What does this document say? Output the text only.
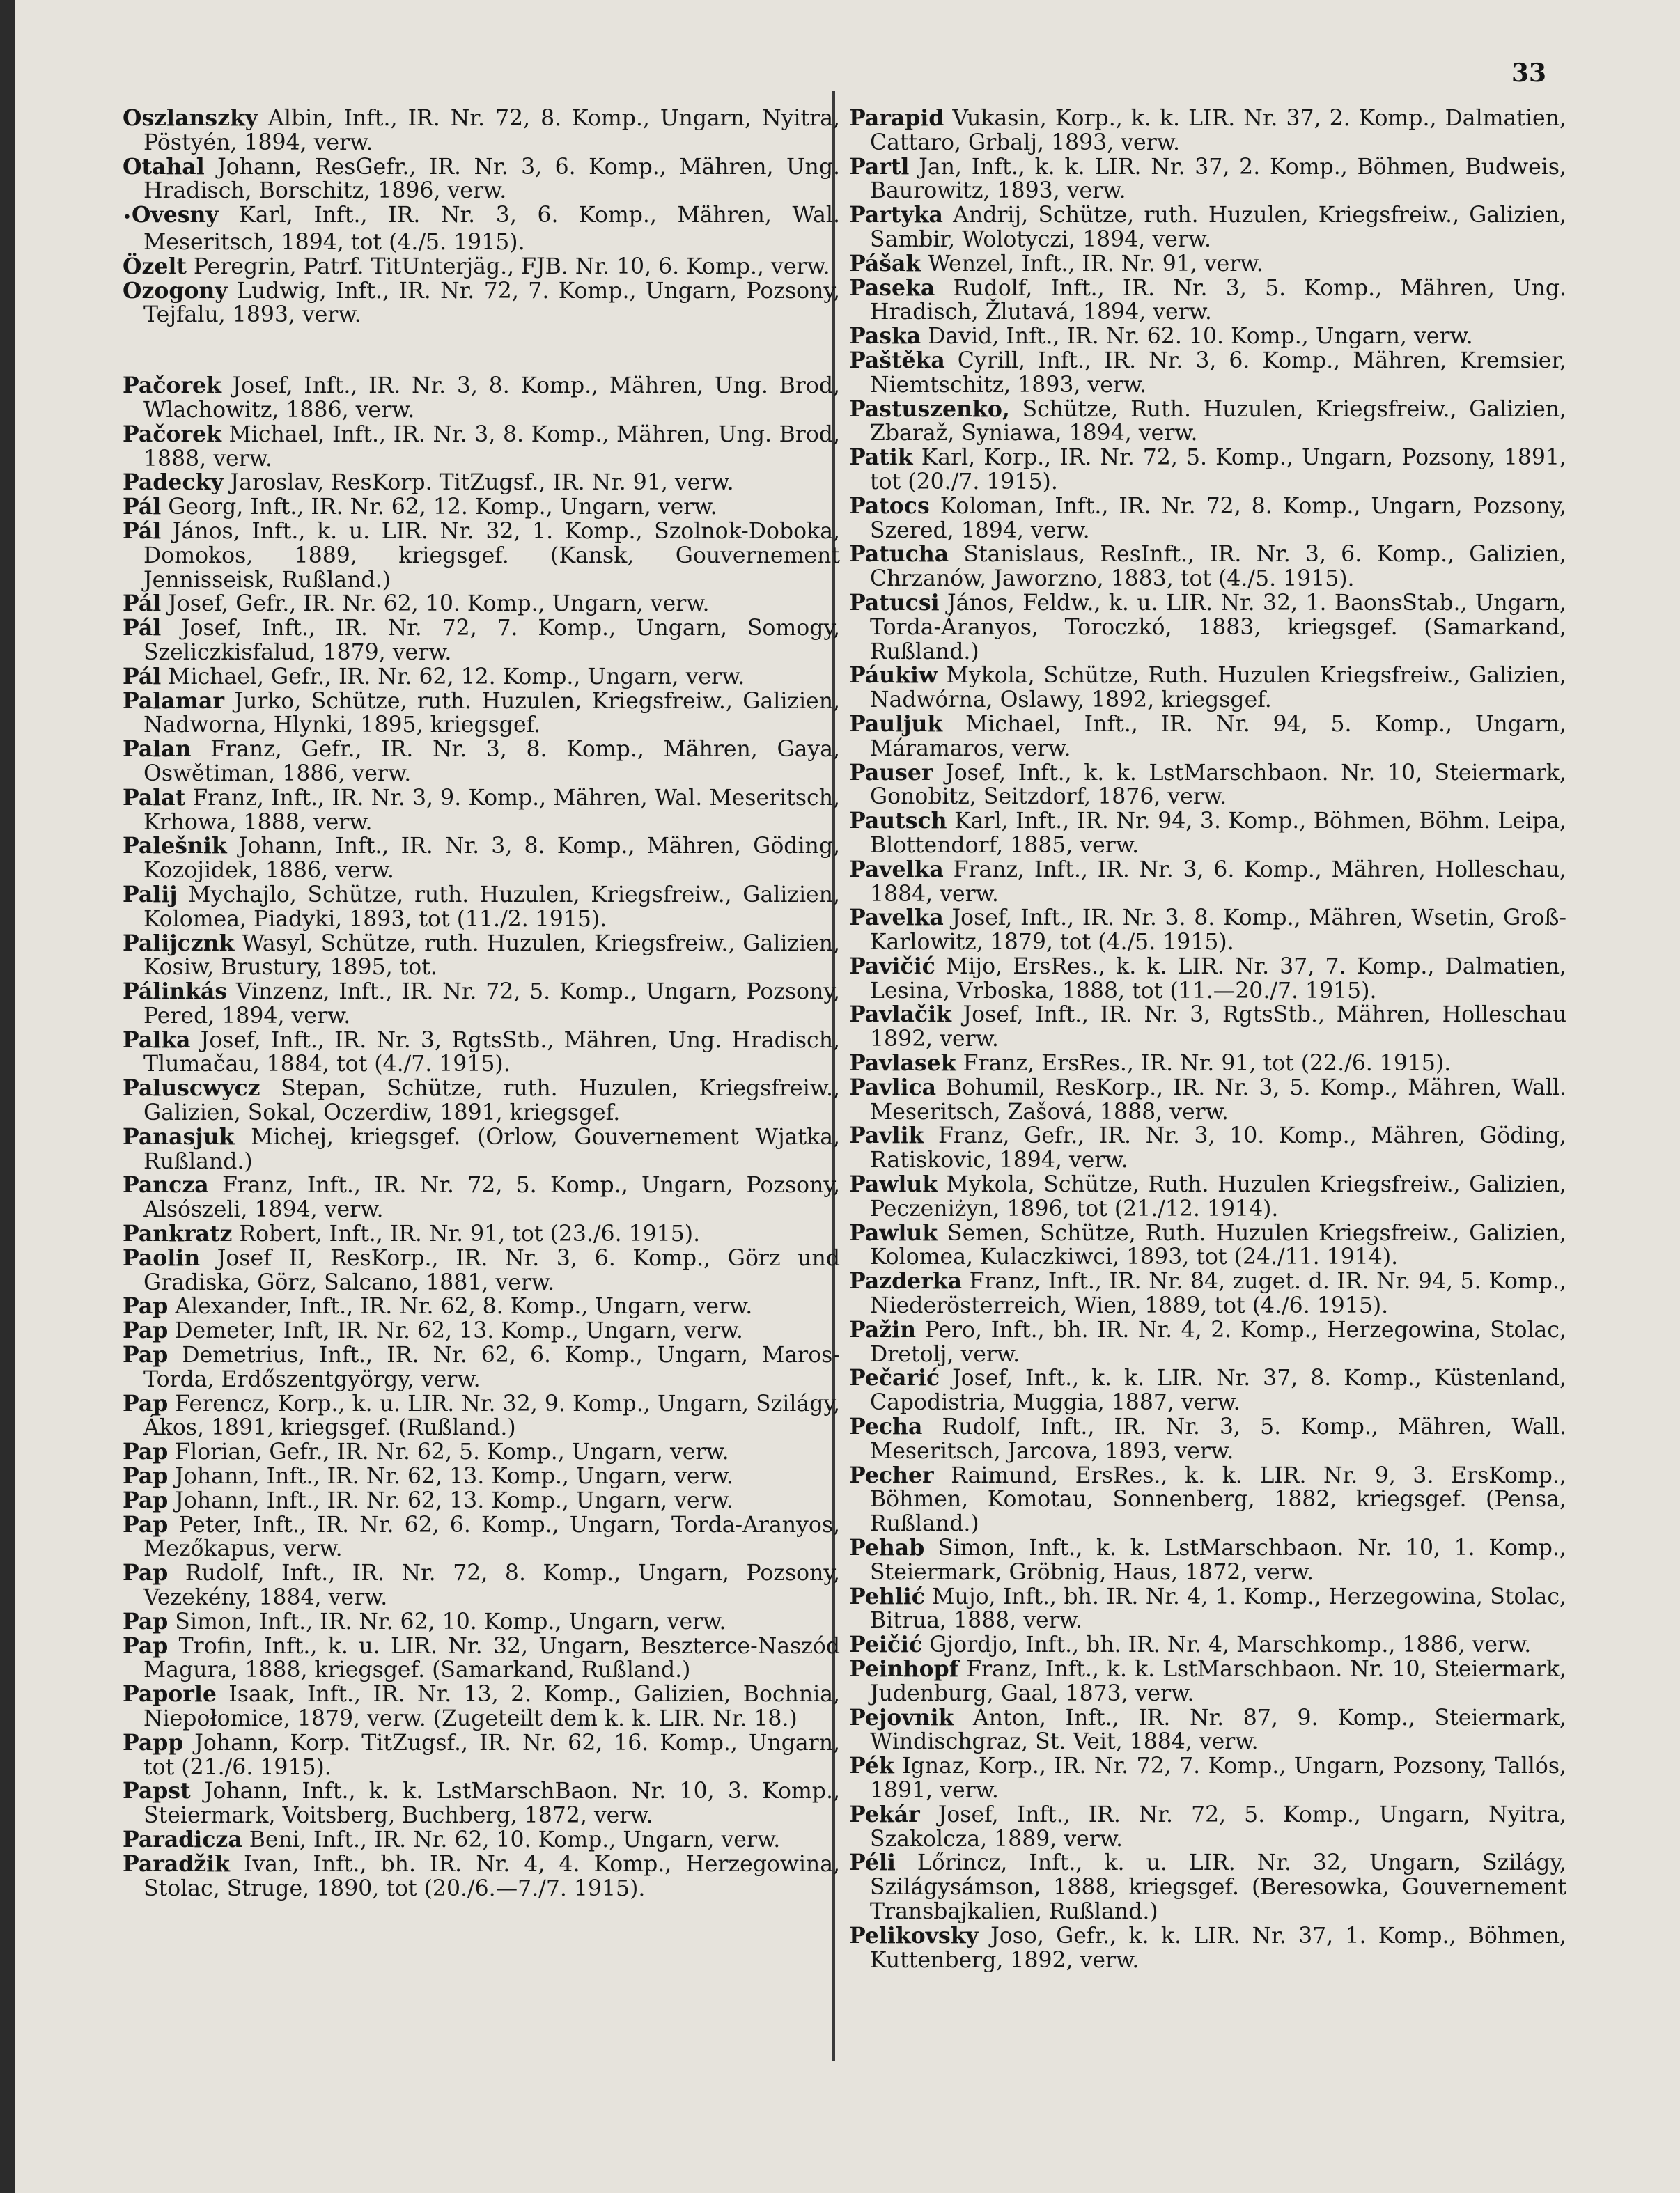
33

Oszlanszky Albin, Inft., IR. Nr. 72, 8. Komp., Ungarn, Nyitra, Pöstyén, 1894, verw.

Otahal Johann, ResGefr., IR. Nr. 3, 6. Komp., Mähren, Ung. Hradisch, Borschitz, 1896, verw.

•Ovesny Karl, Inft., IR. Nr. 3, 6. Komp., Mähren, Wal. Meseritsch, 1894, tot (4./5. 1915).

Özelt Peregrin, Patrf. TitUnterjäg., FJB. Nr. 10, 6. Komp., verw.

Ozogony Ludwig, Inft., IR. Nr. 72, 7. Komp., Ungarn, Pozsony, Tejfalu, 1893, verw.

Pačorek Josef, Inft., IR. Nr. 3, 8. Komp., Mähren, Ung. Brod, Wlachowitz, 1886, verw.

Pačorek Michael, Inft., IR. Nr. 3, 8. Komp., Mähren, Ung. Brod, 1888, verw.

Padecky Jaroslav, ResKorp. TitZugsf., IR. Nr. 91, verw.

Pál Georg, Inft., IR. Nr. 62, 12. Komp., Ungarn, verw.

Pál János, Inft., k. u. LIR. Nr. 32, 1. Komp., Szolnok-Doboka, Domokos, 1889, kriegsgef. (Kansk, Gouvernement Jennisseisk, Rußland.)

Pál Josef, Gefr., IR. Nr. 62, 10. Komp., Ungarn, verw.

Pál Josef, Inft., IR. Nr. 72, 7. Komp., Ungarn, Somogy, Szeliczkisfalud, 1879, verw.

Pál Michael, Gefr., IR. Nr. 62, 12. Komp., Ungarn, verw.

Palamar Jurko, Schütze, ruth. Huzulen, Kriegsfreiw., Galizien, Nadworna, Hlynki, 1895, kriegsgef.

Palan Franz, Gefr., IR. Nr. 3, 8. Komp., Mähren, Gaya, Oswětiman, 1886, verw.

Palat Franz, Inft., IR. Nr. 3, 9. Komp., Mähren, Wal. Meseritsch, Krhowa, 1888, verw.

Palešnik Johann, Inft., IR. Nr. 3, 8. Komp., Mähren, Göding, Kozojidek, 1886, verw.

Palij Mychajlo, Schütze, ruth. Huzulen, Kriegsfreiw., Galizien, Kolomea, Piadyki, 1893, tot (11./2. 1915).

Palijcznk Wasyl, Schütze, ruth. Huzulen, Kriegsfreiw., Galizien, Kosiw, Brustury, 1895, tot.

Pálinkás Vinzenz, Inft., IR. Nr. 72, 5. Komp., Ungarn, Pozsony, Pered, 1894, verw.

Palka Josef, Inft., IR. Nr. 3, RgtsStb., Mähren, Ung. Hradisch, Tlumačau, 1884, tot (4./7. 1915).

Paluscwycz Stepan, Schütze, ruth. Huzulen, Kriegsfreiw., Galizien, Sokal, Oczerdiw, 1891, kriegsgef.

Panasjuk Michej, kriegsgef. (Orlow, Gouvernement Wjatka, Rußland.)

Pancza Franz, Inft., IR. Nr. 72, 5. Komp., Ungarn, Pozsony, Alsószeli, 1894, verw.

Pankratz Robert, Inft., IR. Nr. 91, tot (23./6. 1915).

Paolin Josef II, ResKorp., IR. Nr. 3, 6. Komp., Görz und Gradiska, Görz, Salcano, 1881, verw.

Pap Alexander, Inft., IR. Nr. 62, 8. Komp., Ungarn, verw.

Pap Demeter, Inft, IR. Nr. 62, 13. Komp., Ungarn, verw.

Pap Demetrius, Inft., IR. Nr. 62, 6. Komp., Ungarn, Maros-Torda, Erdőszentgyörgy, verw.

Pap Ferencz, Korp., k. u. LIR. Nr. 32, 9. Komp., Ungarn, Szilágy, Ákos, 1891, kriegsgef. (Rußland.)

Pap Florian, Gefr., IR. Nr. 62, 5. Komp., Ungarn, verw.

Pap Johann, Inft., IR. Nr. 62, 13. Komp., Ungarn, verw.

Pap Johann, Inft., IR. Nr. 62, 13. Komp., Ungarn, verw.

Pap Peter, Inft., IR. Nr. 62, 6. Komp., Ungarn, Torda-Aranyos, Mezőkapus, verw.

Pap Rudolf, Inft., IR. Nr. 72, 8. Komp., Ungarn, Pozsony, Vezekény, 1884, verw.

Pap Simon, Inft., IR. Nr. 62, 10. Komp., Ungarn, verw.

Pap Trofin, Inft., k. u. LIR. Nr. 32, Ungarn, Beszterce-Naszód Magura, 1888, kriegsgef. (Samarkand, Rußland.)

Paporle Isaak, Inft., IR. Nr. 13, 2. Komp., Galizien, Bochnia, Niepołomice, 1879, verw. (Zugeteilt dem k. k. LIR. Nr. 18.)

Papp Johann, Korp. TitZugsf., IR. Nr. 62, 16. Komp., Ungarn, tot (21./6. 1915).

Papst Johann, Inft., k. k. LstMarschBaon. Nr. 10, 3. Komp., Steiermark, Voitsberg, Buchberg, 1872, verw.

Paradicza Beni, Inft., IR. Nr. 62, 10. Komp., Ungarn, verw.

Paradžik Ivan, Inft., bh. IR. Nr. 4, 4. Komp., Herzegowina, Stolac, Struge, 1890, tot (20./6.—7./7. 1915).

Parapid Vukasin, Korp., k. k. LIR. Nr. 37, 2. Komp., Dalmatien, Cattaro, Grbalj, 1893, verw.

Partl Jan, Inft., k. k. LIR. Nr. 37, 2. Komp., Böhmen, Budweis, Baurowitz, 1893, verw.

Partyka Andrij, Schütze, ruth. Huzulen, Kriegsfreiw., Galizien, Sambir, Wolotyczi, 1894, verw.

Pášak Wenzel, Inft., IR. Nr. 91, verw.

Paseka Rudolf, Inft., IR. Nr. 3, 5. Komp., Mähren, Ung. Hradisch, Žlutavá, 1894, verw.

Paska David, Inft., IR. Nr. 62. 10. Komp., Ungarn, verw.

Paštěka Cyrill, Inft., IR. Nr. 3, 6. Komp., Mähren, Kremsier, Niemtschitz, 1893, verw.

Pastuszenko, Schütze, Ruth. Huzulen, Kriegsfreiw., Galizien, Zbaraž, Syniawa, 1894, verw.

Patik Karl, Korp., IR. Nr. 72, 5. Komp., Ungarn, Pozsony, 1891, tot (20./7. 1915).

Patocs Koloman, Inft., IR. Nr. 72, 8. Komp., Ungarn, Pozsony, Szered, 1894, verw.

Patucha Stanislaus, ResInft., IR. Nr. 3, 6. Komp., Galizien, Chrzanów, Jaworzno, 1883, tot (4./5. 1915).

Patucsi János, Feldw., k. u. LIR. Nr. 32, 1. BaonsStab., Ungarn, Torda-Áranyos, Toroczkó, 1883, kriegsgef. (Samarkand, Rußland.)

Páukiw Mykola, Schütze, Ruth. Huzulen Kriegsfreiw., Galizien, Nadwórna, Oslawy, 1892, kriegsgef.

Pauljuk Michael, Inft., IR. Nr. 94, 5. Komp., Ungarn, Máramaros, verw.

Pauser Josef, Inft., k. k. LstMarschbaon. Nr. 10, Steiermark, Gonobitz, Seitzdorf, 1876, verw.

Pautsch Karl, Inft., IR. Nr. 94, 3. Komp., Böhmen, Böhm. Leipa, Blottendorf, 1885, verw.

Pavelka Franz, Inft., IR. Nr. 3, 6. Komp., Mähren, Holleschau, 1884, verw.

Pavelka Josef, Inft., IR. Nr. 3. 8. Komp., Mähren, Wsetin, Groß-Karlowitz, 1879, tot (4./5. 1915).

Pavičić Mijo, ErsRes., k. k. LIR. Nr. 37, 7. Komp., Dalmatien, Lesina, Vrboska, 1888, tot (11.—20./7. 1915).

Pavlačik Josef, Inft., IR. Nr. 3, RgtsStb., Mähren, Holleschau 1892, verw.

Pavlasek Franz, ErsRes., IR. Nr. 91, tot (22./6. 1915).

Pavlica Bohumil, ResKorp., IR. Nr. 3, 5. Komp., Mähren, Wall. Meseritsch, Zašová, 1888, verw.

Pavlik Franz, Gefr., IR. Nr. 3, 10. Komp., Mähren, Göding, Ratiskovic, 1894, verw.

Pawluk Mykola, Schütze, Ruth. Huzulen Kriegsfreiw., Galizien, Peczeniżyn, 1896, tot (21./12. 1914).

Pawluk Semen, Schütze, Ruth. Huzulen Kriegsfreiw., Galizien, Kolomea, Kulaczkiwci, 1893, tot (24./11. 1914).

Pazderka Franz, Inft., IR. Nr. 84, zuget. d. IR. Nr. 94, 5. Komp., Niederösterreich, Wien, 1889, tot (4./6. 1915).

Pažin Pero, Inft., bh. IR. Nr. 4, 2. Komp., Herzegowina, Stolac, Dretolj, verw.

Pečarić Josef, Inft., k. k. LIR. Nr. 37, 8. Komp., Küstenland, Capodistria, Muggia, 1887, verw.

Pecha Rudolf, Inft., IR. Nr. 3, 5. Komp., Mähren, Wall. Meseritsch, Jarcova, 1893, verw.

Pecher Raimund, ErsRes., k. k. LIR. Nr. 9, 3. ErsKomp., Böhmen, Komotau, Sonnenberg, 1882, kriegsgef. (Pensa, Rußland.)

Pehab Simon, Inft., k. k. LstMarschbaon. Nr. 10, 1. Komp., Steiermark, Gröbnig, Haus, 1872, verw.

Pehlić Mujo, Inft., bh. IR. Nr. 4, 1. Komp., Herzegowina, Stolac, Bitrua, 1888, verw.

Peičić Gjordjo, Inft., bh. IR. Nr. 4, Marschkomp., 1886, verw.

Peinhopf Franz, Inft., k. k. LstMarschbaon. Nr. 10, Steiermark, Judenburg, Gaal, 1873, verw.

Pejovnik Anton, Inft., IR. Nr. 87, 9. Komp., Steiermark, Windischgraz, St. Veit, 1884, verw.

Pék Ignaz, Korp., IR. Nr. 72, 7. Komp., Ungarn, Pozsony, Tallós, 1891, verw.

Pekár Josef, Inft., IR. Nr. 72, 5. Komp., Ungarn, Nyitra, Szakolcza, 1889, verw.

Péli Lőrincz, Inft., k. u. LIR. Nr. 32, Ungarn, Szilágy, Szilágysámson, 1888, kriegsgef. (Beresowka, Gouvernement Transbajkalien, Rußland.)

Pelikovsky Joso, Gefr., k. k. LIR. Nr. 37, 1. Komp., Böhmen, Kuttenberg, 1892, verw.
